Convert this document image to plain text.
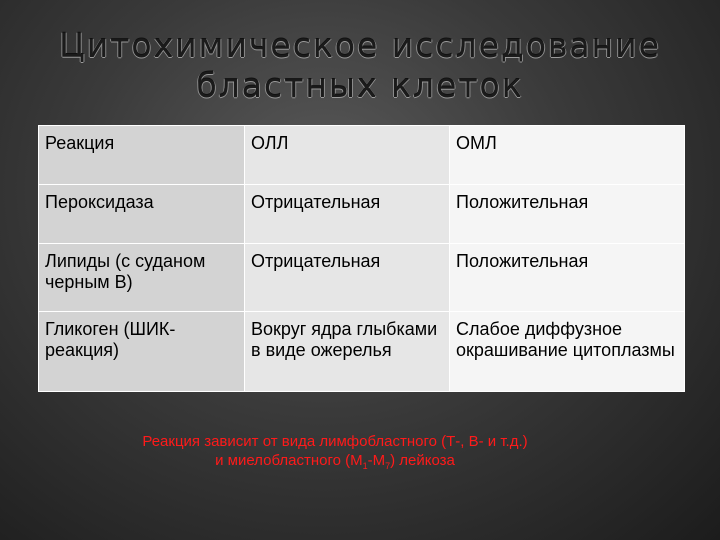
Цитохимическое исследование
бластных клеток
Реакция	ОЛЛ	ОМЛ
Пероксидаза	Отрицательная	Положительная
Липиды (с суданом черным В)	Отрицательная	Положительная
Гликоген (ШИК-реакция)	Вокруг ядра глыбками в виде ожерелья	Слабое диффузное окрашивание цитоплазмы
Реакция зависит от вида лимфобластного (Т-, В- и т.д.)
и миелобластного $(М_1-М_7)$ лейкоза
